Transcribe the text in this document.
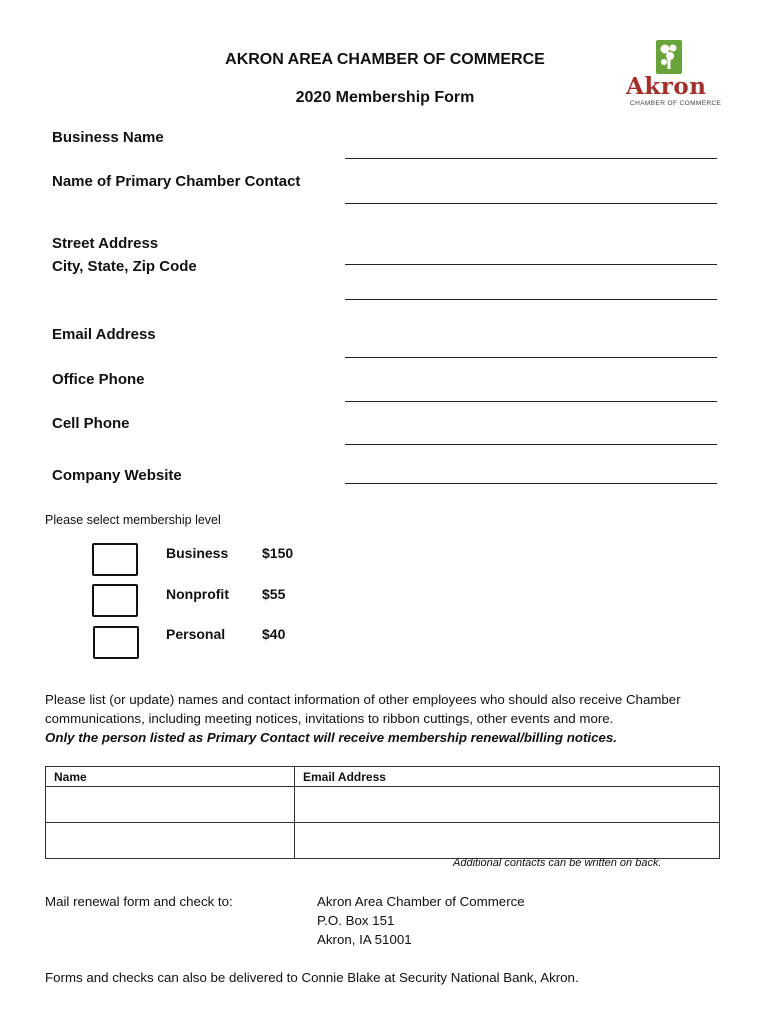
AKRON AREA CHAMBER OF COMMERCE
2020 Membership Form	Akron
CHAMBER OF COMMERCE
Business Name
Name of Primary Chamber Contact
Street Address
City, State, Zip Code
Email Address
Office Phone
Cell Phone
Company Website
Please select membership level
Business $150
Nonprofit $55
Personal	$40
Please list (or update) names and contact information of other employees who should also receive Chamber communications, including meeting notices, invitations to ribbon cuttings, other events and more.
Only the person listed as Primary Contact will receive membership renewal/billing notices.
Name	Email Address

Additional contacts can be written on back.
Mail renewal form and check to:	Akron Area Chamber of Commerce
P.O. Box 151
Akron, IA 51001
Forms and checks can also be delivered to Connie Blake at Security National Bank, Akron.
